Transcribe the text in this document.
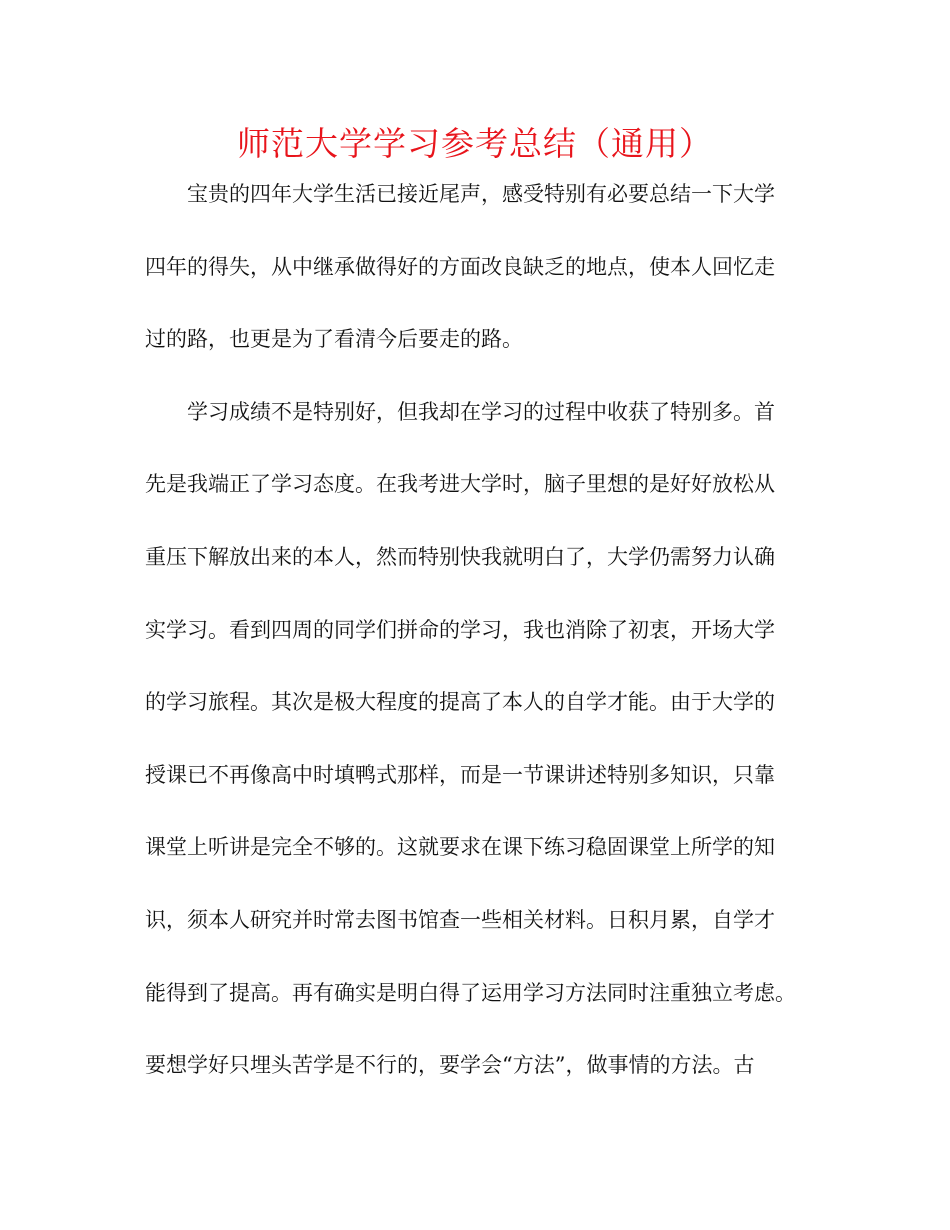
师范大学学习参考总结（通用）
宝贵的四年大学生活已接近尾声，感受特别有必要总结一下大学
四年的得失，从中继承做得好的方面改良缺乏的地点，使本人回忆走
过的路，也更是为了看清今后要走的路。
学习成绩不是特别好，但我却在学习的过程中收获了特别多。首
先是我端正了学习态度。在我考进大学时，脑子里想的是好好放松从
重压下解放出来的本人，然而特别快我就明白了，大学仍需努力认确
实学习。看到四周的同学们拼命的学习，我也消除了初衷，开场大学
的学习旅程。其次是极大程度的提高了本人的自学才能。由于大学的
授课已不再像高中时填鸭式那样，而是一节课讲述特别多知识，只靠
课堂上听讲是完全不够的。这就要求在课下练习稳固课堂上所学的知
识，须本人研究并时常去图书馆查一些相关材料。日积月累，自学才
能得到了提高。再有确实是明白得了运用学习方法同时注重独立考虑。
要想学好只埋头苦学是不行的，要学会“方法”，做事情的方法。古
